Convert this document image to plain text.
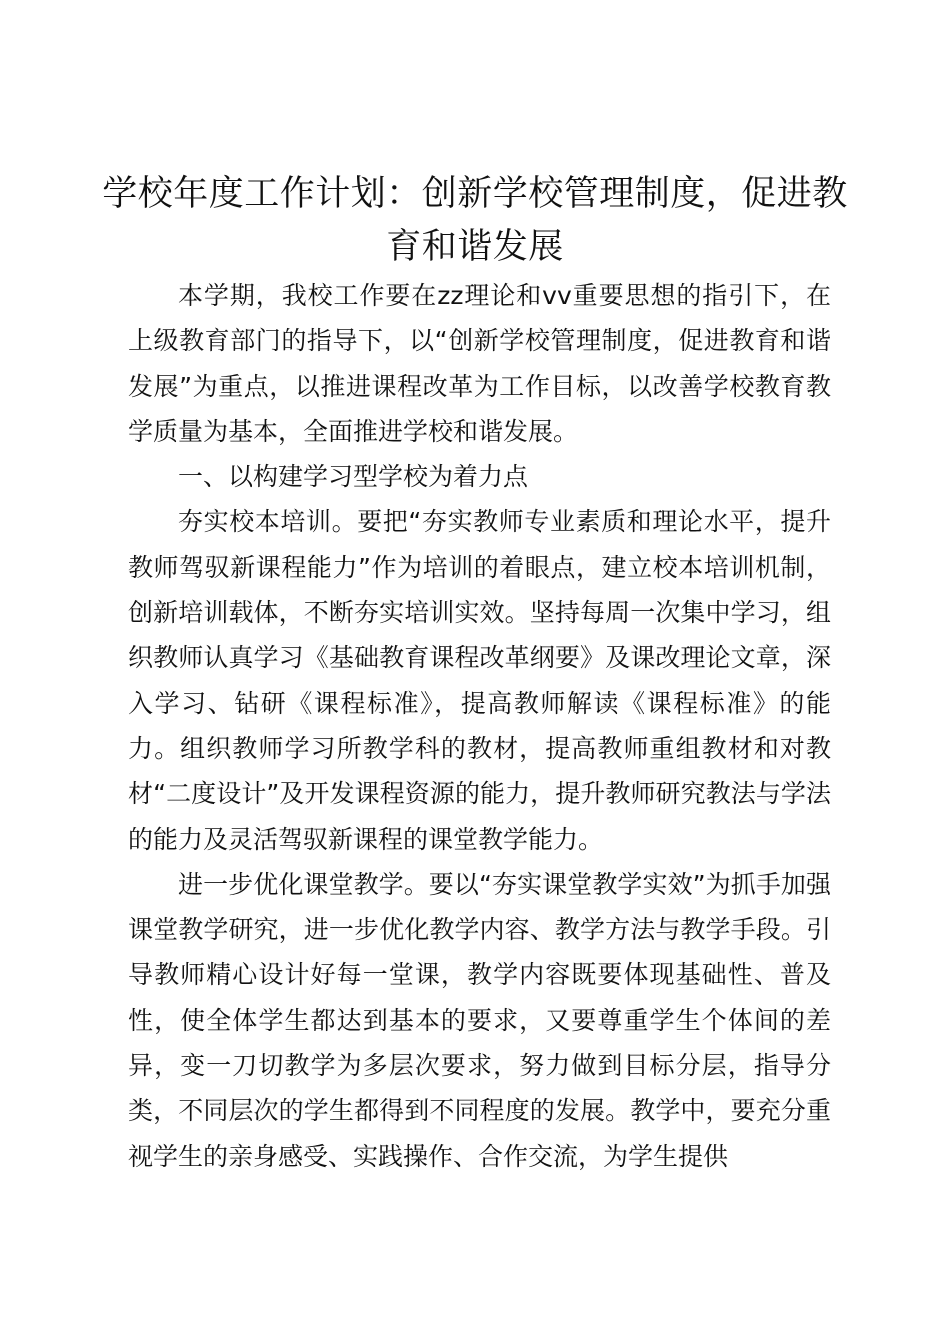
学校年度工作计划：创新学校管理制度，促进教育和谐发展

本学期，我校工作要在zz理论和vv重要思想的指引下，在上级教育部门的指导下，以“创新学校管理制度，促进教育和谐发展”为重点，以推进课程改革为工作目标，以改善学校教育教学质量为基本，全面推进学校和谐发展。

一、以构建学习型学校为着力点

夯实校本培训。要把“夯实教师专业素质和理论水平，提升教师驾驭新课程能力”作为培训的着眼点，建立校本培训机制，创新培训载体，不断夯实培训实效。坚持每周一次集中学习，组织教师认真学习《基础教育课程改革纲要》及课改理论文章，深入学习、钻研《课程标准》，提高教师解读《课程标准》的能力。组织教师学习所教学科的教材，提高教师重组教材和对教材“二度设计”及开发课程资源的能力，提升教师研究教法与学法的能力及灵活驾驭新课程的课堂教学能力。

进一步优化课堂教学。要以“夯实课堂教学实效”为抓手加强课堂教学研究，进一步优化教学内容、教学方法与教学手段。引导教师精心设计好每一堂课，教学内容既要体现基础性、普及性，使全体学生都达到基本的要求，又要尊重学生个体间的差异，变一刀切教学为多层次要求，努力做到目标分层，指导分类，不同层次的学生都得到不同程度的发展。教学中，要充分重视学生的亲身感受、实践操作、合作交流，为学生提供
